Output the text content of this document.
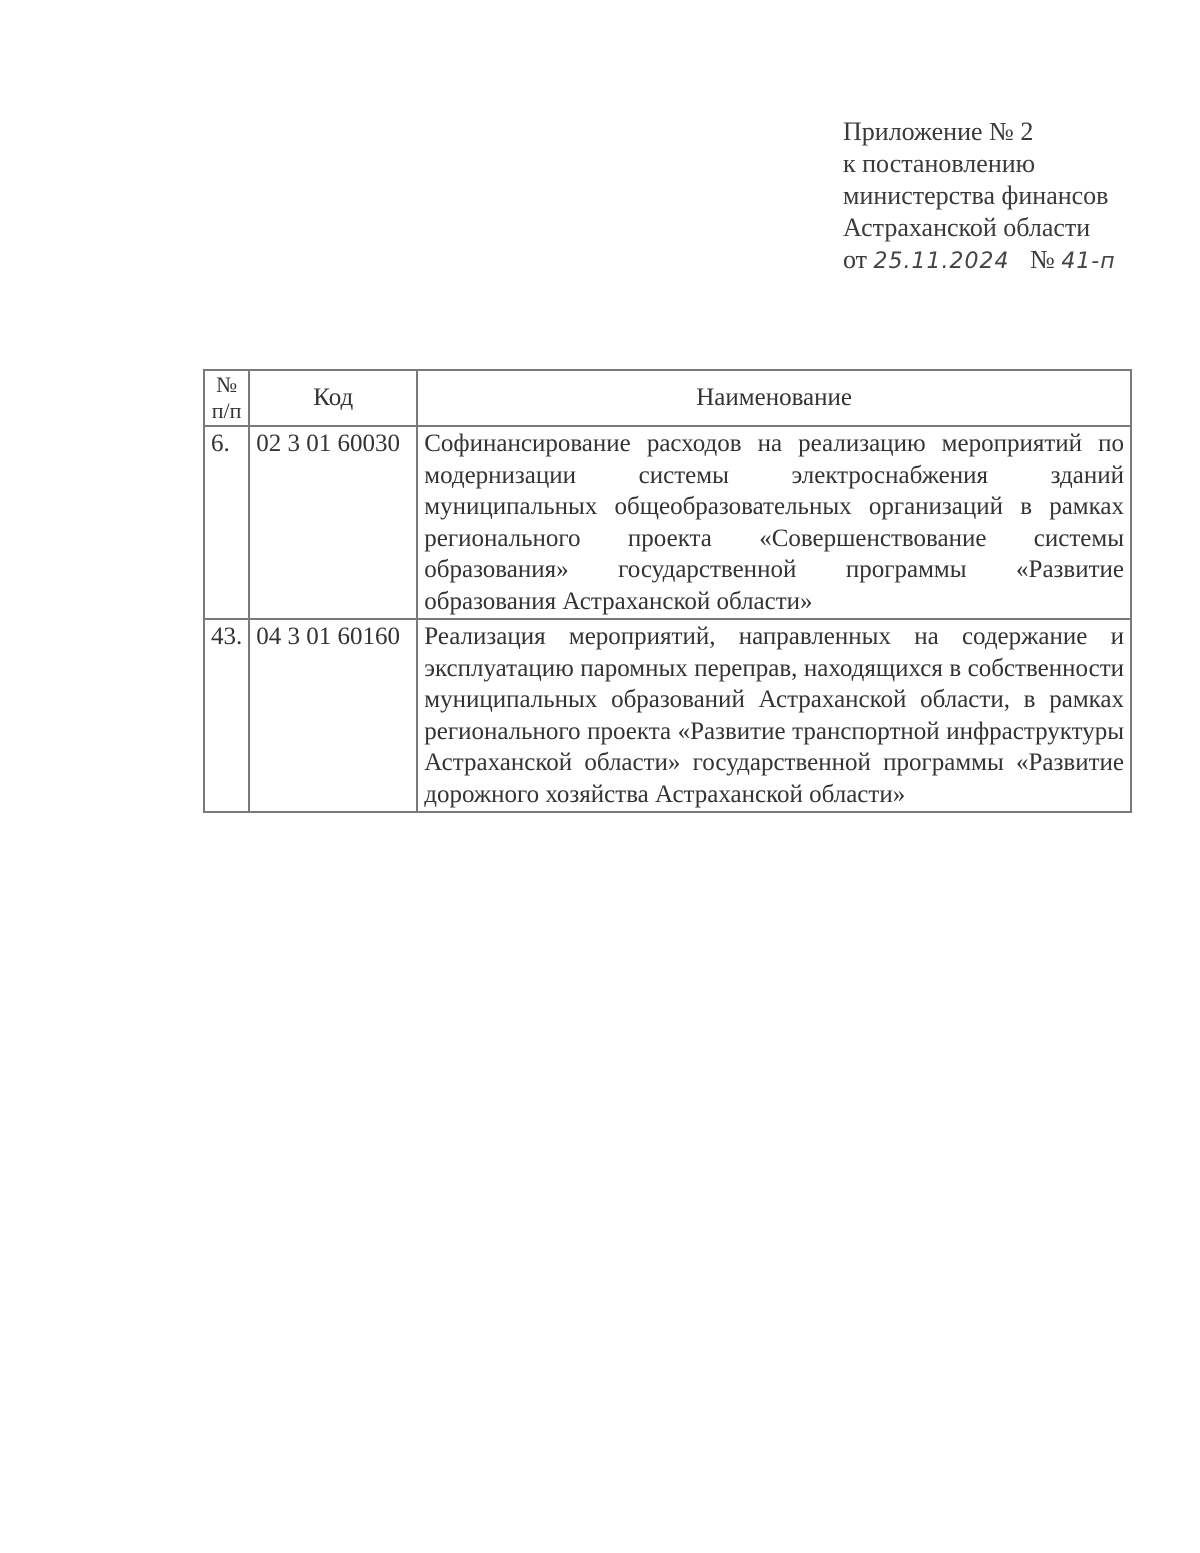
Приложение № 2
к постановлению
министерства финансов
Астраханской области
от 25.11.2024 № 41-п
№ п/п	Код	Наименование
6.	02 3 01 60030	Софинансирование расходов на реализацию мероприятий по модернизации системы электроснабжения зданий муниципальных общеобразовательных организаций в рамках регионального проекта «Совершенствование системы образования» государственной программы «Развитие образования Астраханской области»
43.	04 3 01 60160	Реализация мероприятий, направленных на содержание и эксплуатацию паромных переправ, находящихся в собственности муниципальных образований Астраханской области, в рамках регионального проекта «Развитие транспортной инфраструктуры Астраханской области» государственной программы «Развитие дорожного хозяйства Астраханской области»
